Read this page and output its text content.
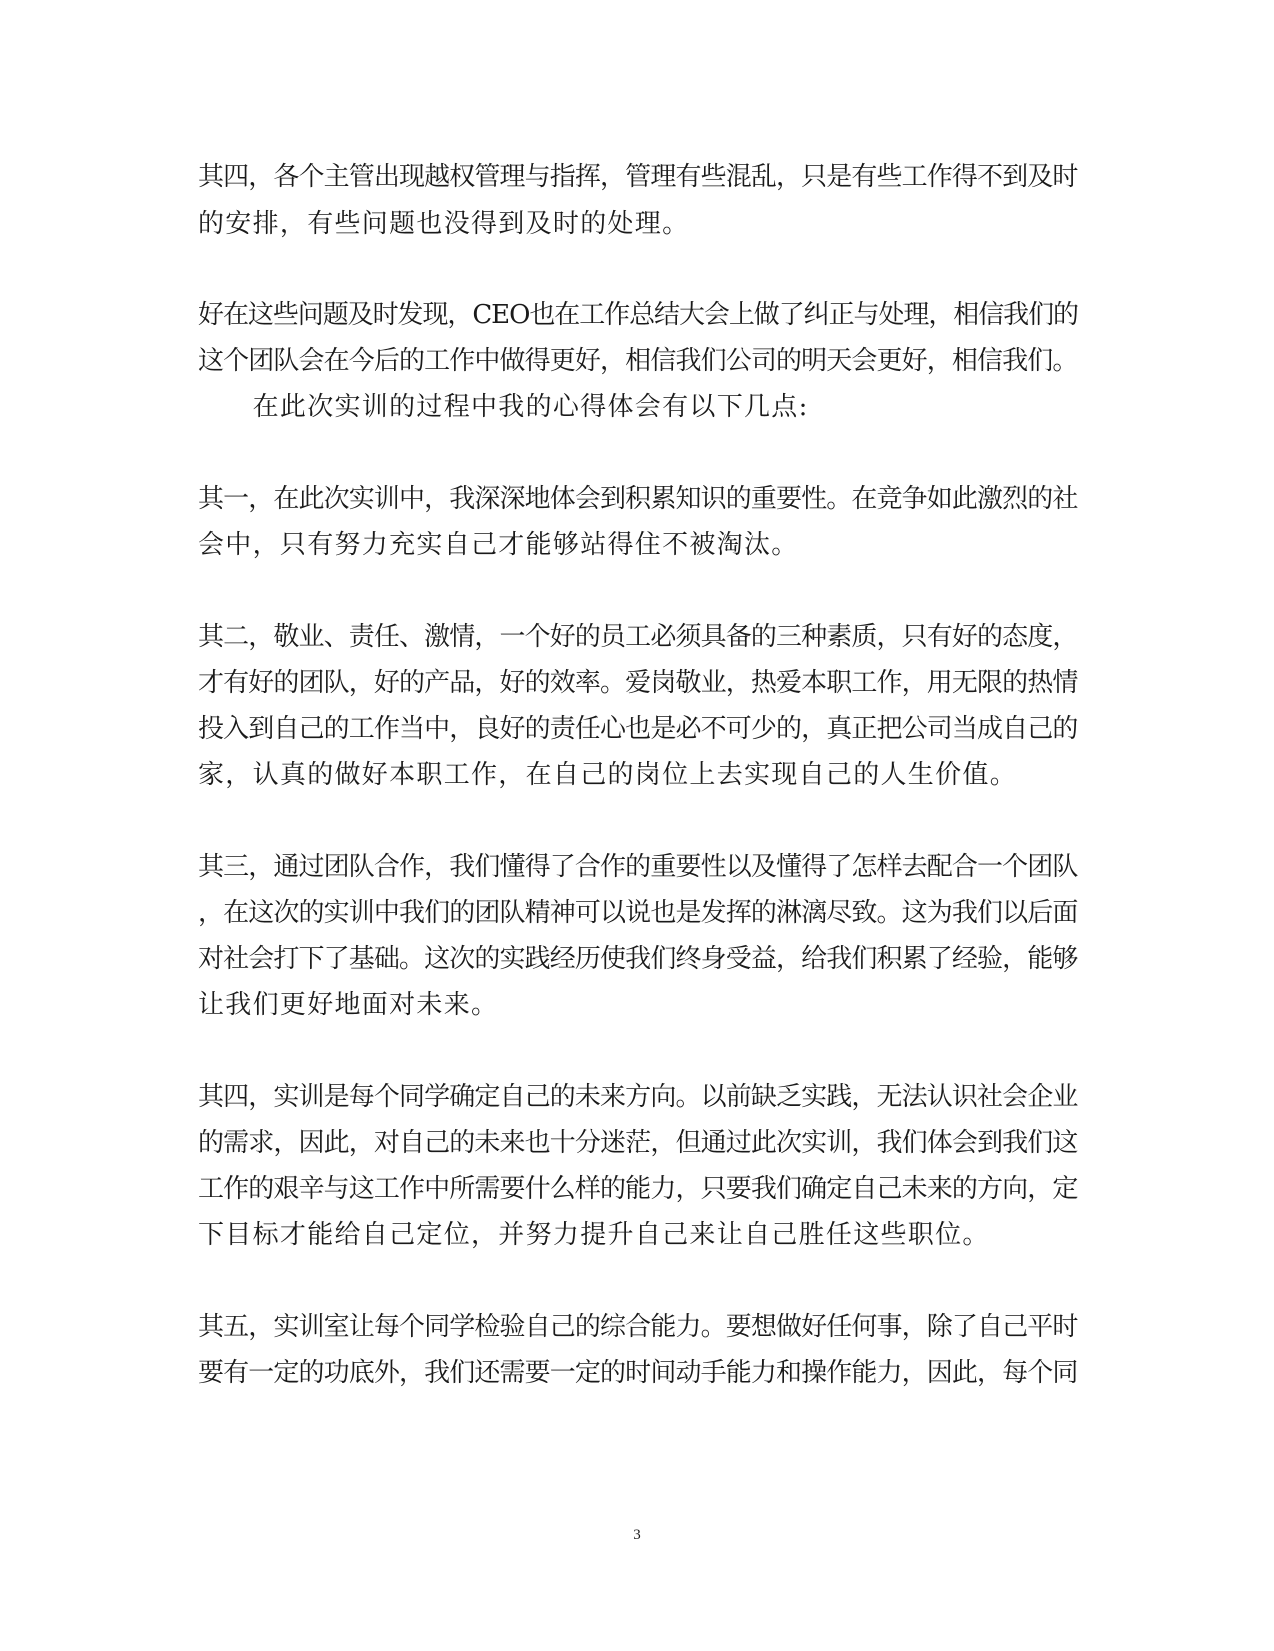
其四，各个主管出现越权管理与指挥，管理有些混乱，只是有些工作得不到及时
的安排，有些问题也没得到及时的处理。
好在这些问题及时发现，CEO也在工作总结大会上做了纠正与处理，相信我们的
这个团队会在今后的工作中做得更好，相信我们公司的明天会更好，相信我们。
　　在此次实训的过程中我的心得体会有以下几点:
其一，在此次实训中，我深深地体会到积累知识的重要性。在竞争如此激烈的社
会中，只有努力充实自己才能够站得住不被淘汰。
其二，敬业、责任、激情，一个好的员工必须具备的三种素质，只有好的态度，
才有好的团队，好的产品，好的效率。爱岗敬业，热爱本职工作，用无限的热情
投入到自己的工作当中，良好的责任心也是必不可少的，真正把公司当成自己的
家，认真的做好本职工作，在自己的岗位上去实现自己的人生价值。
其三，通过团队合作，我们懂得了合作的重要性以及懂得了怎样去配合一个团队
，在这次的实训中我们的团队精神可以说也是发挥的淋漓尽致。这为我们以后面
对社会打下了基础。这次的实践经历使我们终身受益，给我们积累了经验，能够
让我们更好地面对未来。
其四，实训是每个同学确定自己的未来方向。以前缺乏实践，无法认识社会企业
的需求，因此，对自己的未来也十分迷茫，但通过此次实训，我们体会到我们这
工作的艰辛与这工作中所需要什么样的能力，只要我们确定自己未来的方向，定
下目标才能给自己定位，并努力提升自己来让自己胜任这些职位。
其五，实训室让每个同学检验自己的综合能力。要想做好任何事，除了自己平时
要有一定的功底外，我们还需要一定的时间动手能力和操作能力，因此，每个同
3
